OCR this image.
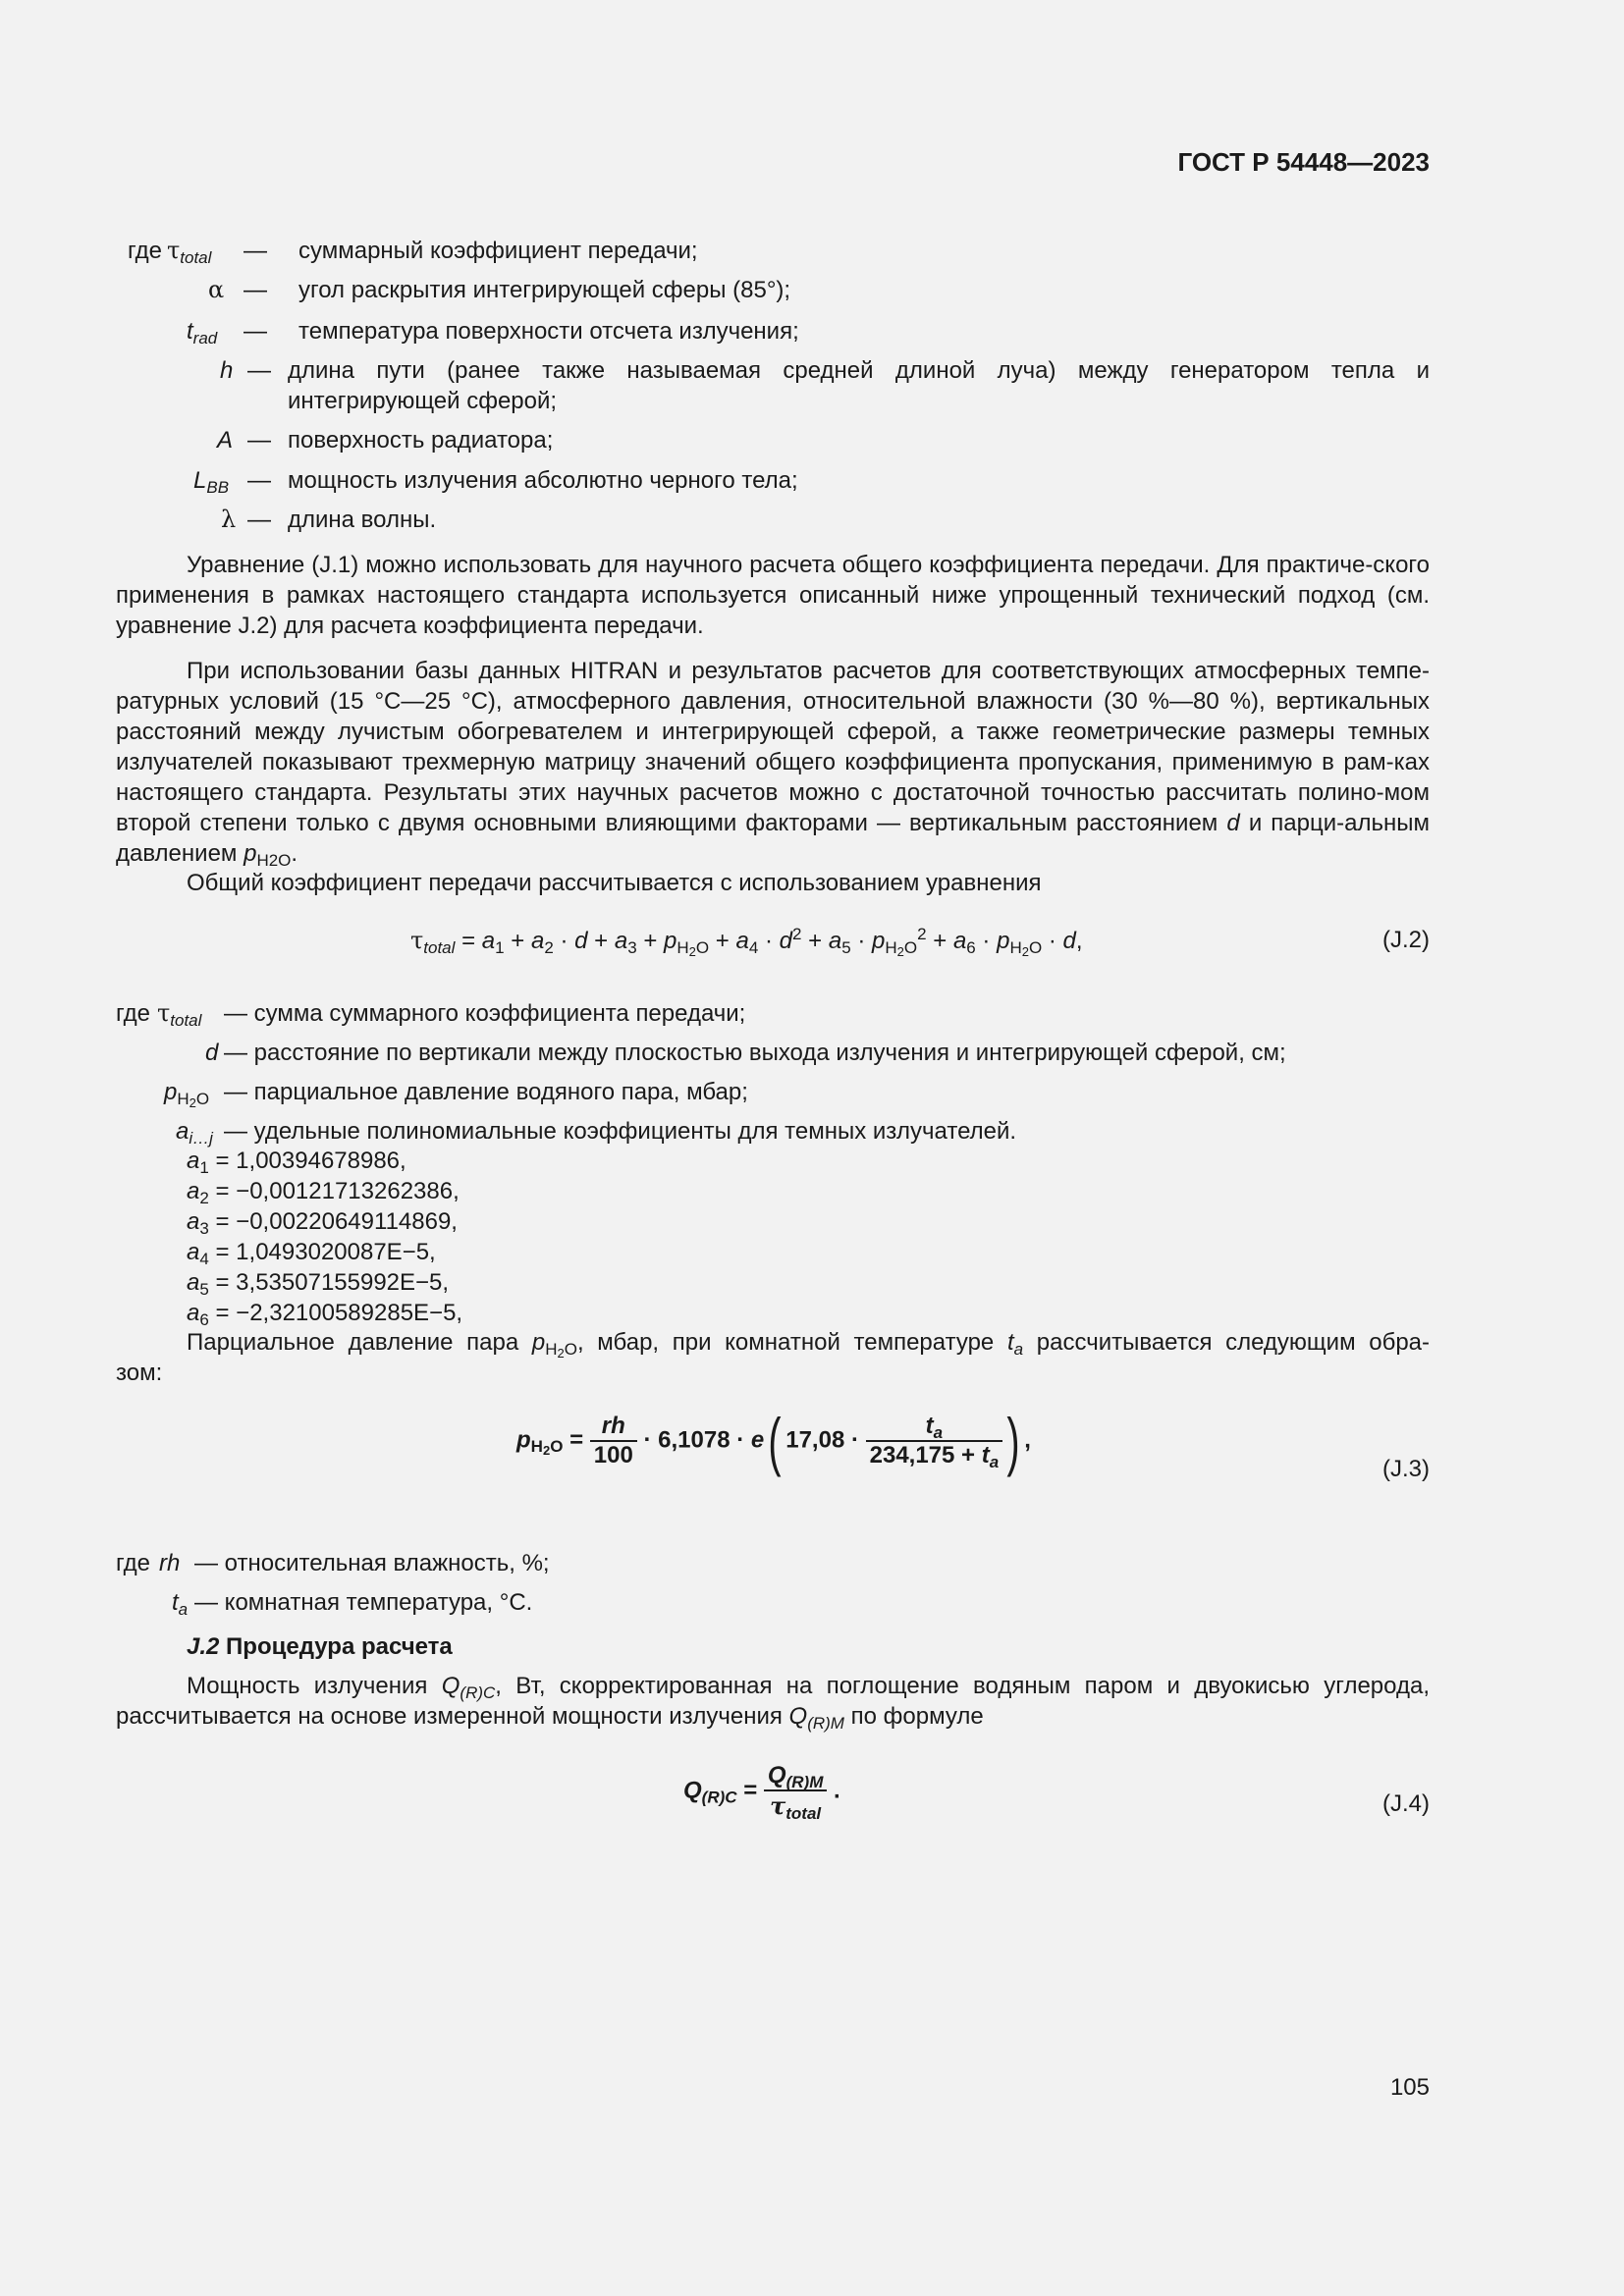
ГОСТ Р 54448—2023
где $\tau_{total}$ — суммарный коэффициент передачи;
α — угол раскрытия интегрирующей сферы (85°);
$t_{rad}$ — температура поверхности отсчета излучения;
h — длина пути (ранее также называемая средней длиной луча) между генератором тепла и
интегрирующей сферой;
A — поверхность радиатора;
$L_{BB}$ — мощность излучения абсолютно черного тела;
λ — длина волны.
Уравнение (J.1) можно использовать для научного расчета общего коэффициента передачи. Для практиче-ского применения в рамках настоящего стандарта используется описанный ниже упрощенный технический подход (см. уравнение J.2) для расчета коэффициента передачи.
При использовании базы данных HITRAN и результатов расчетов для соответствующих атмосферных темпе-ратурных условий (15 °С—25 °С), атмосферного давления, относительной влажности (30 %—80 %), вертикальных расстояний между лучистым обогревателем и интегрирующей сферой, а также геометрические размеры темных излучателей показывают трехмерную матрицу значений общего коэффициента пропускания, применимую в рам-ках настоящего стандарта. Результаты этих научных расчетов можно с достаточной точностью рассчитать полино-мом второй степени только с двумя основными влияющими факторами — вертикальным расстоянием d и парци-альным давлением $p_{H2O}$.
Общий коэффициент передачи рассчитывается с использованием уравнения
$\tau_{total} = a_1 + a_2 \cdot d + a_3 + p_{H_2O} + a_4 \cdot d^2 + a_5 \cdot p_{H_2O}^2 + a_6 \cdot p_{H_2O} \cdot d$,	(J.2)
где $\tau_{total}$ — сумма суммарного коэффициента передачи;
d — расстояние по вертикали между плоскостью выхода излучения и интегрирующей сферой, см;
$p_{H_2O}$ — парциальное давление водяного пара, мбар;
$a_{i\dots j}$ — удельные полиномиальные коэффициенты для темных излучателей.
$a_1 = 1,00394678986$,
$a_2 = -0,00121713262386$,
$a_3 = -0,00220649114869$,
$a_4 = 1,0493020087E-5$,
$a_5 = 3,53507155992E-5$,
$a_6 = -2,32100589285E-5$,
Парциальное давление пара $p_{H_2O}$, мбар, при комнатной температуре $t_a$ рассчитывается следующим обра-
зом:
$p_{H_2O} = \frac{rh}{100} \cdot 6,1078 \cdot e$( $17,08 \cdot \frac{t_a}{234,175 + t_a}$ ) ,
(J.3)
где rh — относительная влажность, %;
$t_a$ — комнатная температура, °С.
J.2 Процедура расчета
Мощность излучения $Q_{(R)C}$, Вт, скорректированная на поглощение водяным паром и двуокисью углерода,
рассчитывается на основе измеренной мощности излучения $Q_{(R)M}$ по формуле
$Q_{(R)C} = \frac{Q_{(R)M}}{\tau_{total}}$ .
(J.4)
105
